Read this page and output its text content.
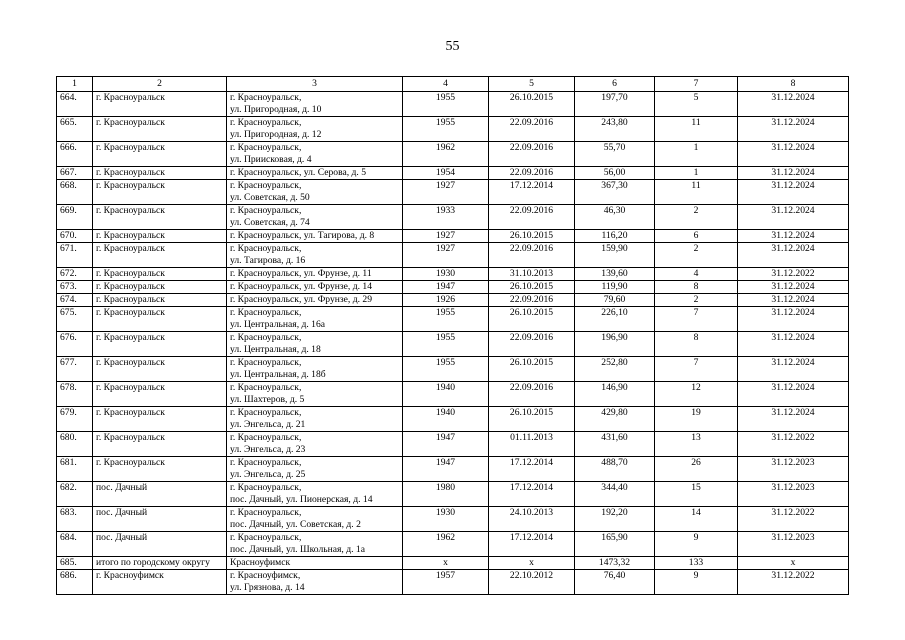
55
1	2	3	4	5	6	7	8
664.	г. Красноуральск	г. Красноуральск,
ул. Пригородная, д. 10	1955	26.10.2015	197,70	5	31.12.2024
665.	г. Красноуральск	г. Красноуральск,
ул. Пригородная, д. 12	1955	22.09.2016	243,80	11	31.12.2024
666.	г. Красноуральск	г. Красноуральск,
ул. Приисковая, д. 4	1962	22.09.2016	55,70	1	31.12.2024
667.	г. Красноуральск	г. Красноуральск, ул. Серова, д. 5	1954	22.09.2016	56,00	1	31.12.2024
668.	г. Красноуральск	г. Красноуральск,
ул. Советская, д. 50	1927	17.12.2014	367,30	11	31.12.2024
669.	г. Красноуральск	г. Красноуральск,
ул. Советская, д. 74	1933	22.09.2016	46,30	2	31.12.2024
670.	г. Красноуральск	г. Красноуральск, ул. Тагирова, д. 8	1927	26.10.2015	116,20	6	31.12.2024
671.	г. Красноуральск	г. Красноуральск,
ул. Тагирова, д. 16	1927	22.09.2016	159,90	2	31.12.2024
672.	г. Красноуральск	г. Красноуральск, ул. Фрунзе, д. 11	1930	31.10.2013	139,60	4	31.12.2022
673.	г. Красноуральск	г. Красноуральск, ул. Фрунзе, д. 14	1947	26.10.2015	119,90	8	31.12.2024
674.	г. Красноуральск	г. Красноуральск, ул. Фрунзе, д. 29	1926	22.09.2016	79,60	2	31.12.2024
675.	г. Красноуральск	г. Красноуральск,
ул. Центральная, д. 16а	1955	26.10.2015	226,10	7	31.12.2024
676.	г. Красноуральск	г. Красноуральск,
ул. Центральная, д. 18	1955	22.09.2016	196,90	8	31.12.2024
677.	г. Красноуральск	г. Красноуральск,
ул. Центральная, д. 18б	1955	26.10.2015	252,80	7	31.12.2024
678.	г. Красноуральск	г. Красноуральск,
ул. Шахтеров, д. 5	1940	22.09.2016	146,90	12	31.12.2024
679.	г. Красноуральск	г. Красноуральск,
ул. Энгельса, д. 21	1940	26.10.2015	429,80	19	31.12.2024
680.	г. Красноуральск	г. Красноуральск,
ул. Энгельса, д. 23	1947	01.11.2013	431,60	13	31.12.2022
681.	г. Красноуральск	г. Красноуральск,
ул. Энгельса, д. 25	1947	17.12.2014	488,70	26	31.12.2023
682.	пос. Дачный	г. Красноуральск,
пос. Дачный, ул. Пионерская, д. 14	1980	17.12.2014	344,40	15	31.12.2023
683.	пос. Дачный	г. Красноуральск,
пос. Дачный, ул. Советская, д. 2	1930	24.10.2013	192,20	14	31.12.2022
684.	пос. Дачный	г. Красноуральск,
пос. Дачный, ул. Школьная, д. 1а	1962	17.12.2014	165,90	9	31.12.2023
685.	итого по городскому округу	Красноуфимск	x	x	1473,32	133	x
686.	г. Красноуфимск	г. Красноуфимск,
ул. Грязнова, д. 14	1957	22.10.2012	76,40	9	31.12.2022
